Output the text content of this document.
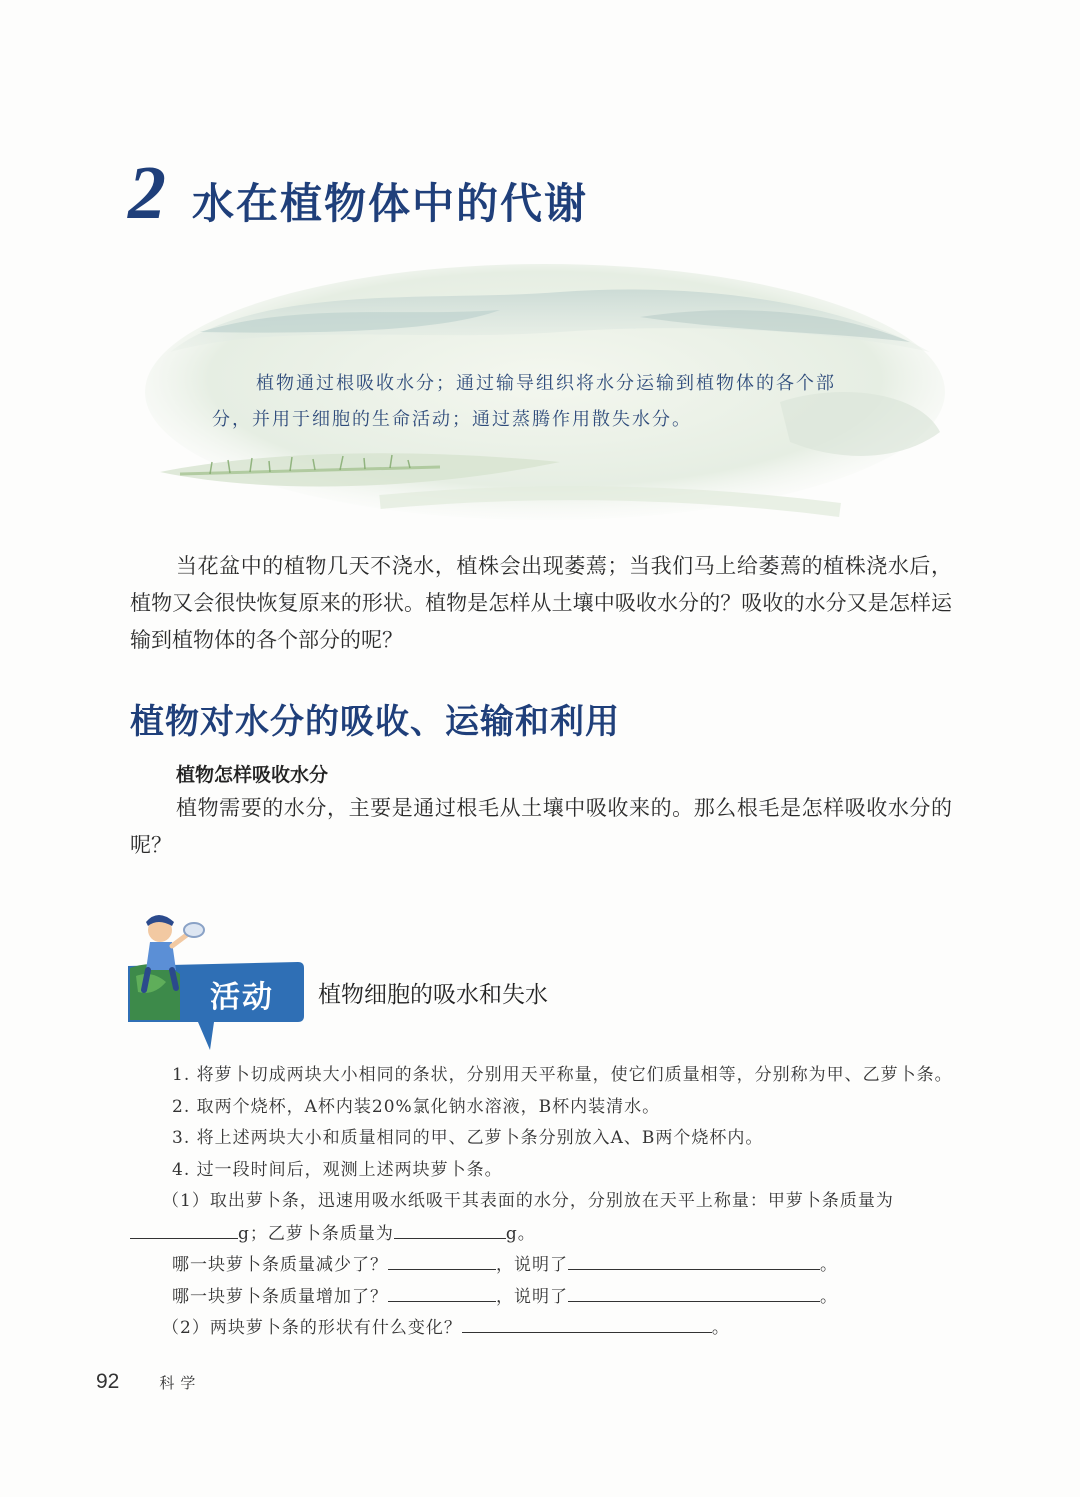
2 水在植物体中的代谢
植物通过根吸收水分；通过输导组织将水分运输到植物体的各个部分，并用于细胞的生命活动；通过蒸腾作用散失水分。
当花盆中的植物几天不浇水，植株会出现萎蔫；当我们马上给萎蔫的植株浇水后，植物又会很快恢复原来的形状。植物是怎样从土壤中吸收水分的？吸收的水分又是怎样运输到植物体的各个部分的呢？
植物对水分的吸收、运输和利用
植物怎样吸收水分
植物需要的水分，主要是通过根毛从土壤中吸收来的。那么根毛是怎样吸收水分的呢？
活动 植物细胞的吸水和失水
1. 将萝卜切成两块大小相同的条状，分别用天平称量，使它们质量相等，分别称为甲、乙萝卜条。
2. 取两个烧杯，A杯内装20%氯化钠水溶液，B杯内装清水。
3. 将上述两块大小和质量相同的甲、乙萝卜条分别放入A、B两个烧杯内。
4. 过一段时间后，观测上述两块萝卜条。
（1）取出萝卜条，迅速用吸水纸吸干其表面的水分，分别放在天平上称量：甲萝卜条质量为
g；乙萝卜条质量为	g。
哪一块萝卜条质量减少了？	，说明了	。
哪一块萝卜条质量增加了？	，说明了	。
（2）两块萝卜条的形状有什么变化？	。
92	科学
